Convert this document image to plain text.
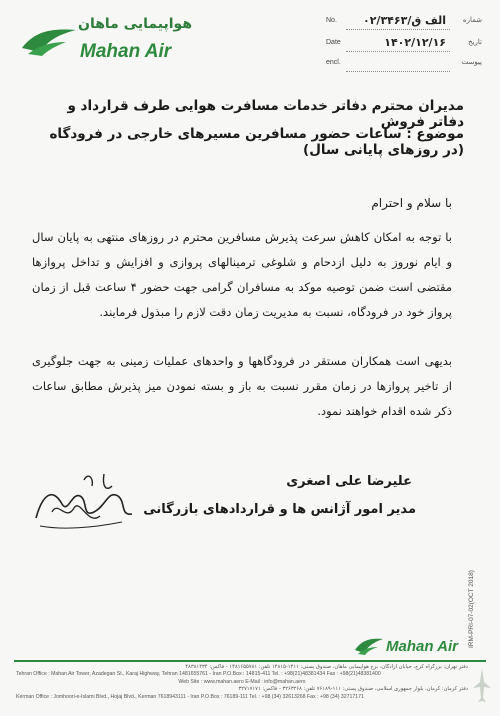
هواپیمایی ماهان
Mahan Air
No. الف ق/۰۲/۳۴۶۳ شماره
Date	۱۴۰۲/۱۲/۱۶	تاریخ
encl.	پیوست
مدیران محترم دفاتر خدمات مسافرت هوایی طرف قرارداد و دفاتر فروش
موضوع : ساعات حضور مسافرین مسیرهای خارجی در فرودگاه (در روزهای پایانی سال)
با سلام و احترام
با توجه به امکان کاهش سرعت پذیرش مسافرین محترم در روزهای منتهی به پایان سال و ایام نوروز به دلیل ازدحام و شلوغی ترمینالهای پروازی و افزایش و تداخل پروازها مقتضی است ضمن توصیه موکد به مسافران گرامی جهت حضور ۴ ساعت قبل از زمان پرواز خود در فرودگاه، نسبت به مدیریت زمان دقت لازم را مبذول فرمایند.
بدیهی است همکاران مستقر در فرودگاهها و واحدهای عملیات زمینی به جهت جلوگیری از تاخیر پروازها در زمان مقرر نسبت به باز و بسته نمودن میز پذیرش مطابق ساعات ذکر شده اقدام خواهند نمود.
علیرضا علی اصغری
مدیر امور آژانس ها و قراردادهای بازرگانی
IRM-PRI-07-02(OCT 2018)
Mahan Air
دفتر تهران: بزرگراه کرج، خیابان آزادگان، برج هواپیمایی ماهان، صندوق پستی: ۱۴۱۱-۱۴۸۱۵ تلفن: ۱۴۸۱۶۵۵۷۸۱ - فاکس: ۴۸۳۸۱۴۳۴
Tehran Office : Mahan Air Tower, Azadegan St., Karaj Highway, Tehran 1481655761 - Iran P.O.Box : 14815-411 Tel. : +98(21)48381434 Fax : +98(21)48381400
Web Site : www.mahan.aero E-Mail : info@mahan.aero
دفتر کرمان: کرمان، بلوار جمهوری اسلامی، صندوق پستی: ۱۱۱-۷۶۱۸۹ تلفن: ۳۲۶۳۲۶۸ - فاکس: ۳۲۷۱۷۱۷۱
Kerman Office : Jomhoori-e-Islami Blvd., Hojaj Blvd., Kerman 7618943111 - Iran P.O.Box : 76189-111 Tel. : +98 (34) 32613268 Fax : +98 (34) 32717171
